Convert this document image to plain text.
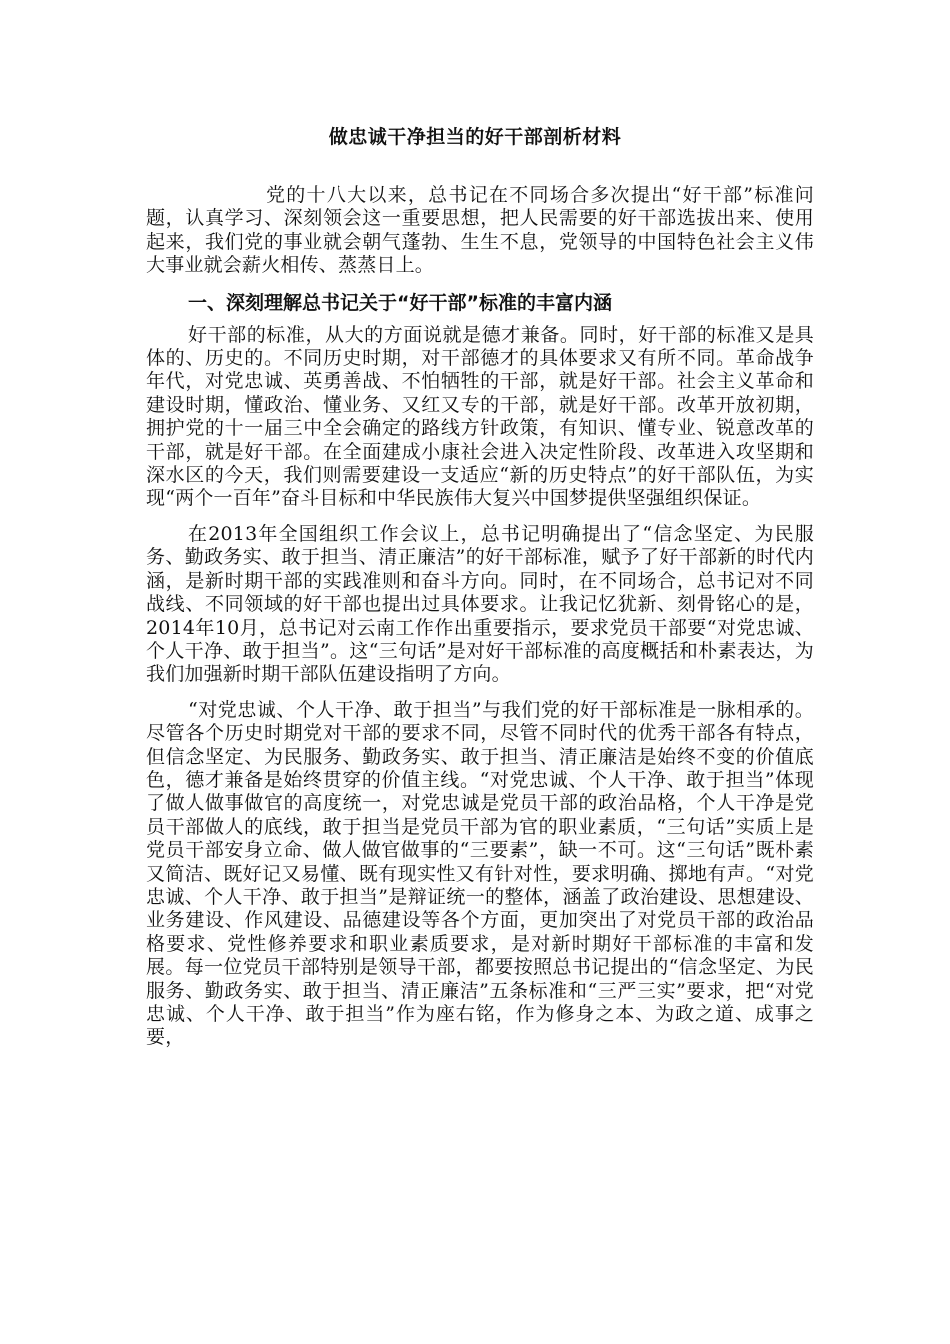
做忠诚干净担当的好干部剖析材料

党的十八大以来，总书记在不同场合多次提出“好干部”标准问题，认真学习、深刻领会这一重要思想，把人民需要的好干部选拔出来、使用起来，我们党的事业就会朝气蓬勃、生生不息，党领导的中国特色社会主义伟大事业就会薪火相传、蒸蒸日上。

一、深刻理解总书记关于“好干部”标准的丰富内涵

好干部的标准，从大的方面说就是德才兼备。同时，好干部的标准又是具体的、历史的。不同历史时期，对干部德才的具体要求又有所不同。革命战争年代，对党忠诚、英勇善战、不怕牺牲的干部，就是好干部。社会主义革命和建设时期，懂政治、懂业务、又红又专的干部，就是好干部。改革开放初期，拥护党的十一届三中全会确定的路线方针政策，有知识、懂专业、锐意改革的干部，就是好干部。在全面建成小康社会进入决定性阶段、改革进入攻坚期和深水区的今天，我们则需要建设一支适应“新的历史特点”的好干部队伍，为实现“两个一百年”奋斗目标和中华民族伟大复兴中国梦提供坚强组织保证。

在2013年全国组织工作会议上，总书记明确提出了“信念坚定、为民服务、勤政务实、敢于担当、清正廉洁”的好干部标准，赋予了好干部新的时代内涵，是新时期干部的实践准则和奋斗方向。同时，在不同场合，总书记对不同战线、不同领域的好干部也提出过具体要求。让我记忆犹新、刻骨铭心的是，2014年10月，总书记对云南工作作出重要指示，要求党员干部要“对党忠诚、个人干净、敢于担当”。这“三句话”是对好干部标准的高度概括和朴素表达，为我们加强新时期干部队伍建设指明了方向。

“对党忠诚、个人干净、敢于担当”与我们党的好干部标准是一脉相承的。尽管各个历史时期党对干部的要求不同，尽管不同时代的优秀干部各有特点，但信念坚定、为民服务、勤政务实、敢于担当、清正廉洁是始终不变的价值底色，德才兼备是始终贯穿的价值主线。“对党忠诚、个人干净、敢于担当”体现了做人做事做官的高度统一，对党忠诚是党员干部的政治品格，个人干净是党员干部做人的底线，敢于担当是党员干部为官的职业素质，“三句话”实质上是党员干部安身立命、做人做官做事的“三要素”，缺一不可。这“三句话”既朴素又简洁、既好记又易懂、既有现实性又有针对性，要求明确、掷地有声。“对党忠诚、个人干净、敢于担当”是辩证统一的整体，涵盖了政治建设、思想建设、业务建设、作风建设、品德建设等各个方面，更加突出了对党员干部的政治品格要求、党性修养要求和职业素质要求，是对新时期好干部标准的丰富和发展。每一位党员干部特别是领导干部，都要按照总书记提出的“信念坚定、为民服务、勤政务实、敢于担当、清正廉洁”五条标准和“三严三实”要求，把“对党忠诚、个人干净、敢于担当”作为座右铭，作为修身之本、为政之道、成事之要，
